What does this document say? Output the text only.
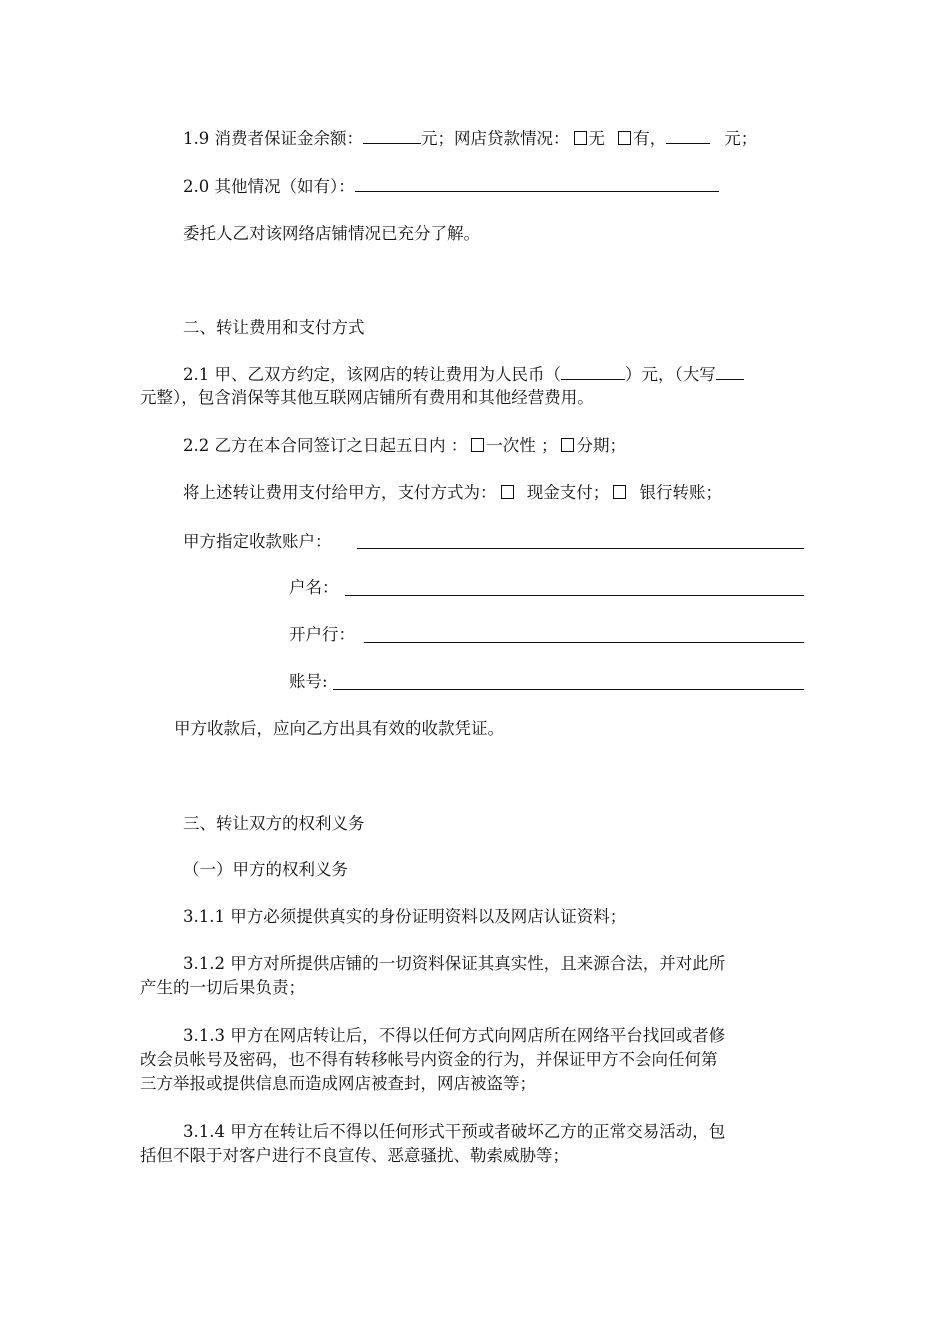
1.9 消费者保证金余额：	元；网店贷款情况： 无 有，	元；
2.0 其他情况（如有）：
委托人乙对该网络店铺情况已充分了解。
二、转让费用和支付方式
2.1 甲、乙双方约定，该网店的转让费用为人民币（	）元，（大写
元整），包含消保等其他互联网店铺所有费用和其他经营费用。
2.2 乙方在本合同签订之日起五日内 ： 一次性 ； 分期；
将上述转让费用支付给甲方，支付方式为： 现金支付； 银行转账；
甲方指定收款账户：
户名：
开户行：
账号:
甲方收款后，应向乙方出具有效的收款凭证。
三、转让双方的权利义务
（一）甲方的权利义务
3.1.1 甲方必须提供真实的身份证明资料以及网店认证资料；
3.1.2 甲方对所提供店铺的一切资料保证其真实性，且来源合法，并对此所
产生的一切后果负责；
3.1.3 甲方在网店转让后，不得以任何方式向网店所在网络平台找回或者修
改会员帐号及密码，也不得有转移帐号内资金的行为，并保证甲方不会向任何第
三方举报或提供信息而造成网店被查封，网店被盗等；
3.1.4 甲方在转让后不得以任何形式干预或者破坏乙方的正常交易活动，包
括但不限于对客户进行不良宣传、恶意骚扰、勒索威胁等；
